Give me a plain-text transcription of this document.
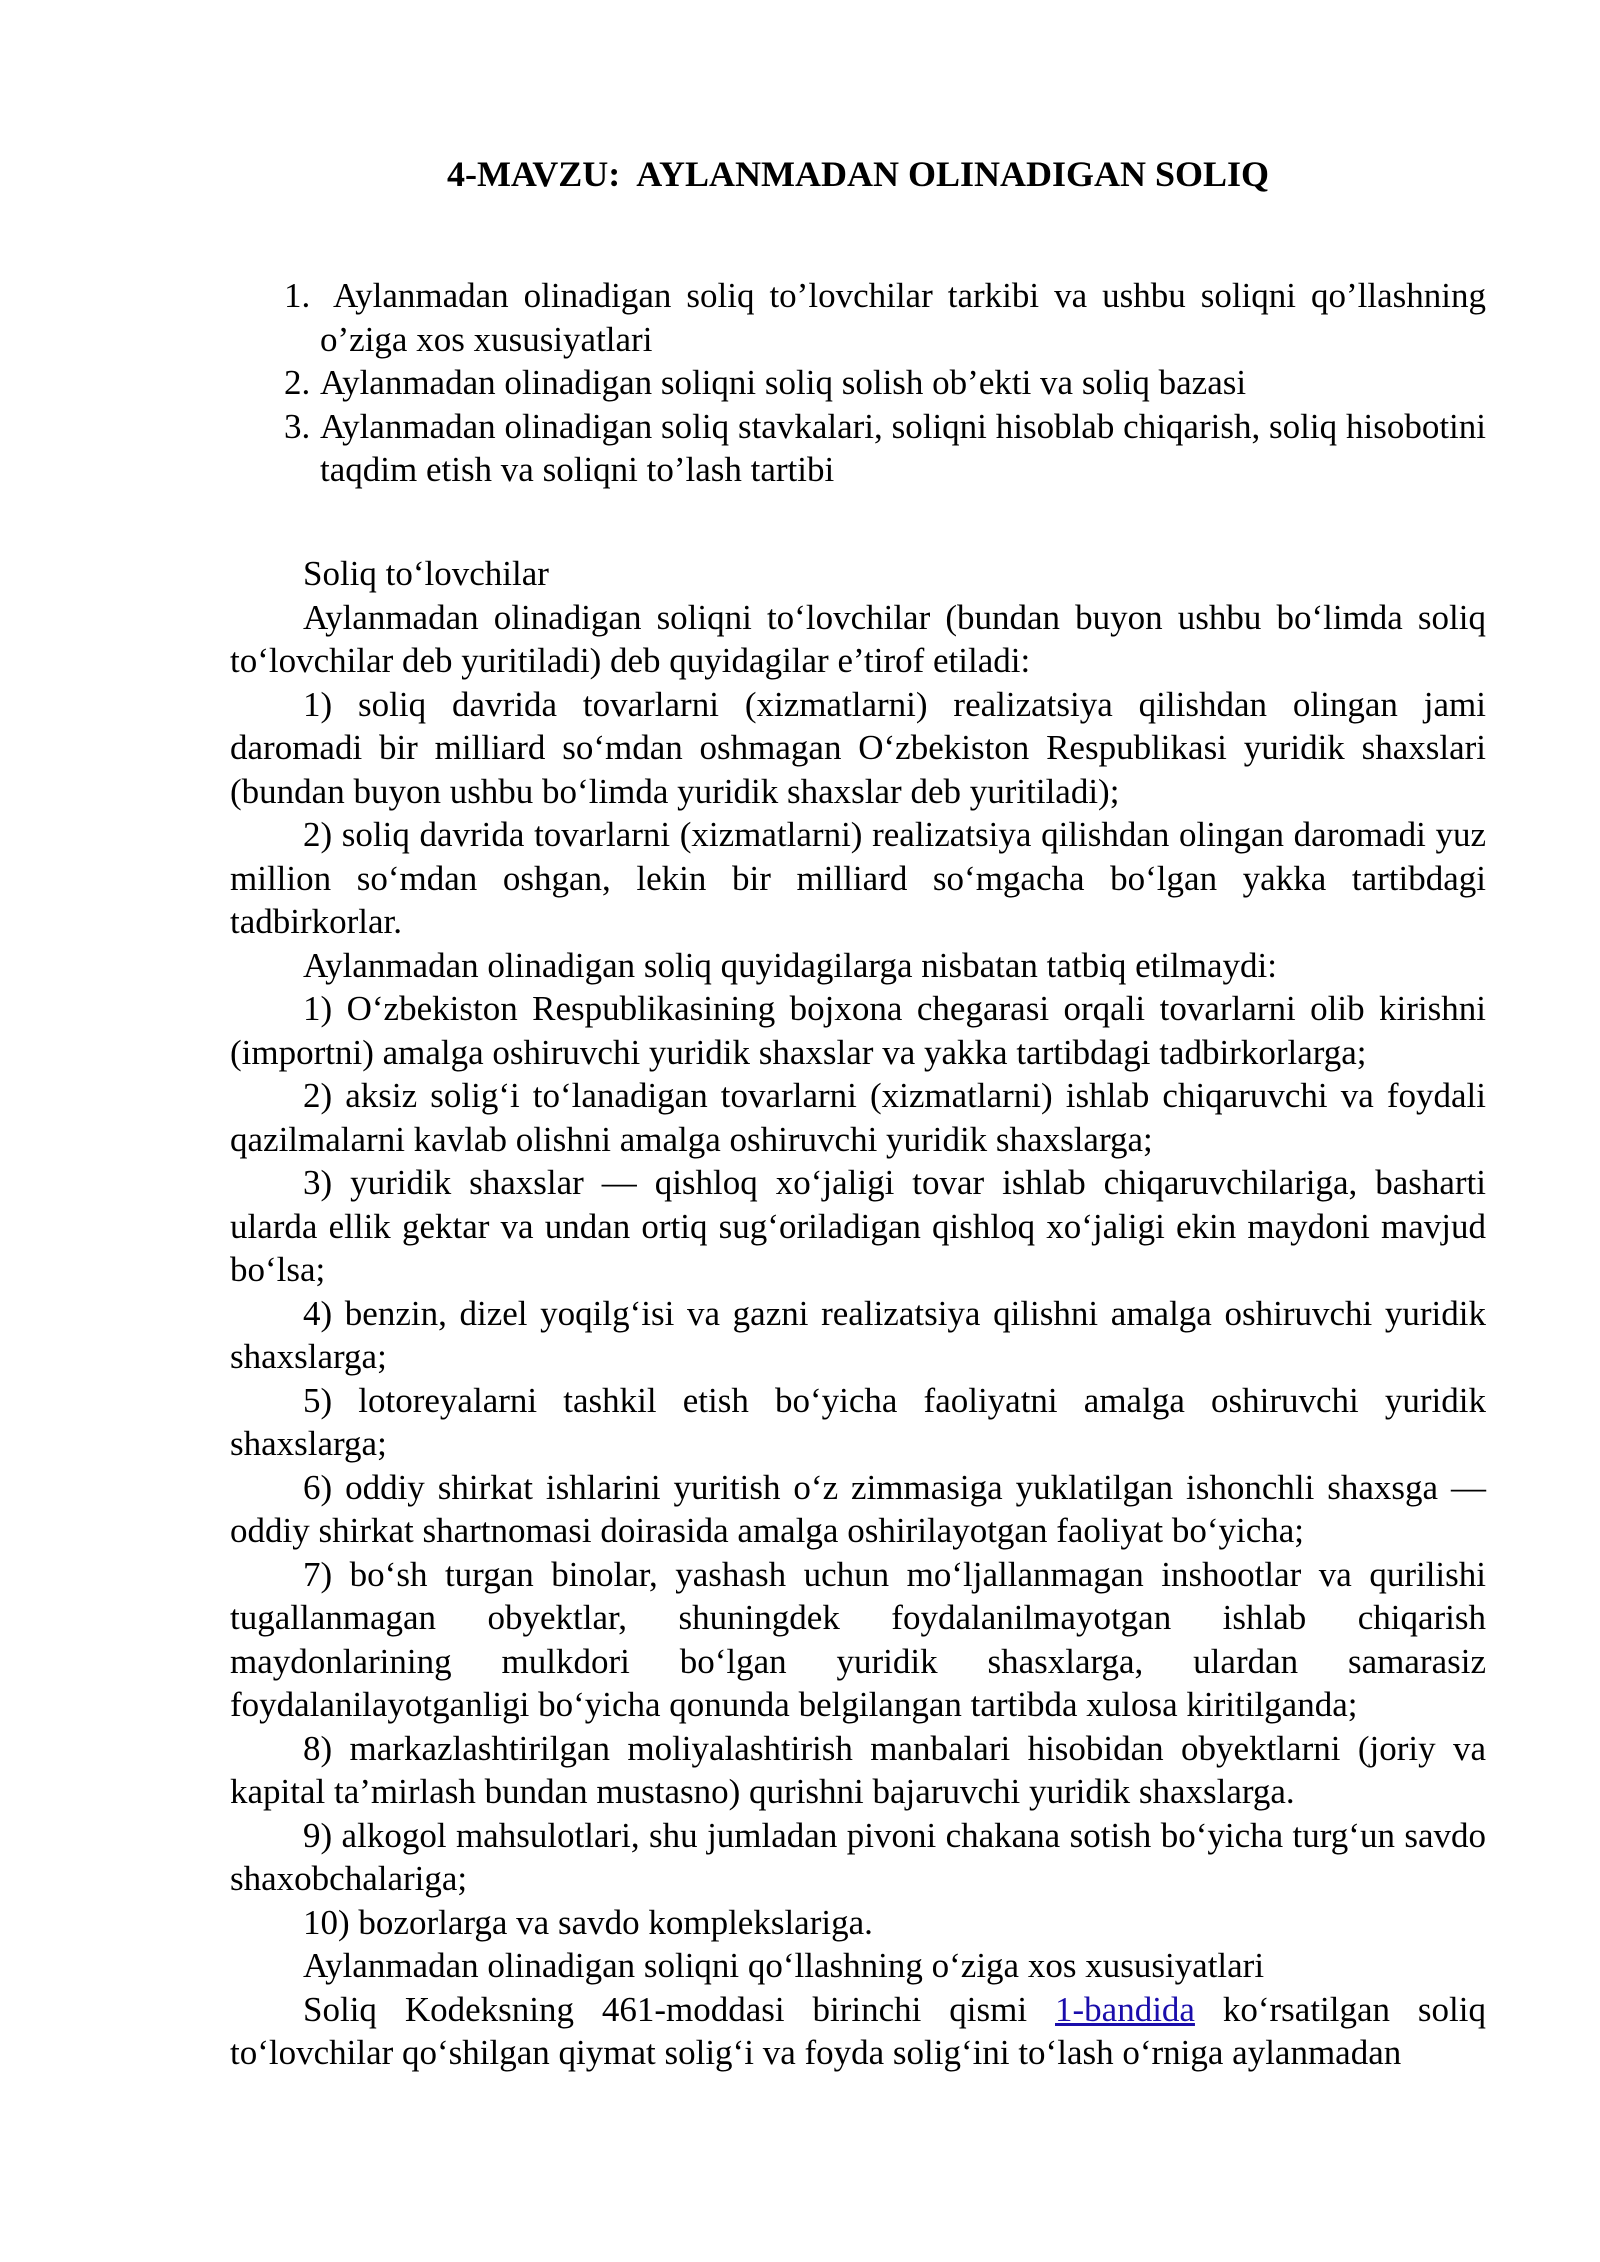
4-MAVZU:  AYLANMADAN OLINADIGAN SOLIQ
1. Aylanmadan olinadigan soliq to’lovchilar tarkibi va ushbu soliqni qo’llashning o’ziga xos xususiyatlari
2. Aylanmadan olinadigan soliqni soliq solish ob’ekti va soliq bazasi
3. Aylanmadan olinadigan soliq stavkalari, soliqni hisoblab chiqarish, soliq hisobotini taqdim etish va soliqni to’lash tartibi

Soliq to‘lovchilar

Aylanmadan olinadigan soliqni to‘lovchilar (bundan buyon ushbu bo‘limda soliq to‘lovchilar deb yuritiladi) deb quyidagilar e’tirof etiladi:

1) soliq davrida tovarlarni (xizmatlarni) realizatsiya qilishdan olingan jami daromadi bir milliard so‘mdan oshmagan O‘zbekiston Respublikasi yuridik shaxslari (bundan buyon ushbu bo‘limda yuridik shaxslar deb yuritiladi);

2) soliq davrida tovarlarni (xizmatlarni) realizatsiya qilishdan olingan daromadi yuz million so‘mdan oshgan, lekin bir milliard so‘mgacha bo‘lgan yakka tartibdagi tadbirkorlar.

Aylanmadan olinadigan soliq quyidagilarga nisbatan tatbiq etilmaydi:

1) O‘zbekiston Respublikasining bojxona chegarasi orqali tovarlarni olib kirishni (importni) amalga oshiruvchi yuridik shaxslar va yakka tartibdagi tadbirkorlarga;

2) aksiz solig‘i to‘lanadigan tovarlarni (xizmatlarni) ishlab chiqaruvchi va foydali qazilmalarni kavlab olishni amalga oshiruvchi yuridik shaxslarga;

3) yuridik shaxslar — qishloq xo‘jaligi tovar ishlab chiqaruvchilariga, basharti ularda ellik gektar va undan ortiq sug‘oriladigan qishloq xo‘jaligi ekin maydoni mavjud bo‘lsa;

4) benzin, dizel yoqilg‘isi va gazni realizatsiya qilishni amalga oshiruvchi yuridik shaxslarga;

5) lotoreyalarni tashkil etish bo‘yicha faoliyatni amalga oshiruvchi yuridik shaxslarga;

6) oddiy shirkat ishlarini yuritish o‘z zimmasiga yuklatilgan ishonchli shaxsga — oddiy shirkat shartnomasi doirasida amalga oshirilayotgan faoliyat bo‘yicha;

7) bo‘sh turgan binolar, yashash uchun mo‘ljallanmagan inshootlar va qurilishi tugallanmagan obyektlar, shuningdek foydalanilmayotgan ishlab chiqarish maydonlarining mulkdori bo‘lgan yuridik shasxlarga, ulardan samarasiz foydalanilayotganligi bo‘yicha qonunda belgilangan tartibda xulosa kiritilganda;

8) markazlashtirilgan moliyalashtirish manbalari hisobidan obyektlarni (joriy va kapital ta’mirlash bundan mustasno) qurishni bajaruvchi yuridik shaxslarga.

9) alkogol mahsulotlari, shu jumladan pivoni chakana sotish bo‘yicha turg‘un savdo shaxobchalariga;

10) bozorlarga va savdo komplekslariga.

Aylanmadan olinadigan soliqni qo‘llashning o‘ziga xos xususiyatlari

Soliq Kodeksning 461-moddasi birinchi qismi 1-bandida ko‘rsatilgan soliq to‘lovchilar qo‘shilgan qiymat solig‘i va foyda solig‘ini to‘lash o‘rniga aylanmadan
